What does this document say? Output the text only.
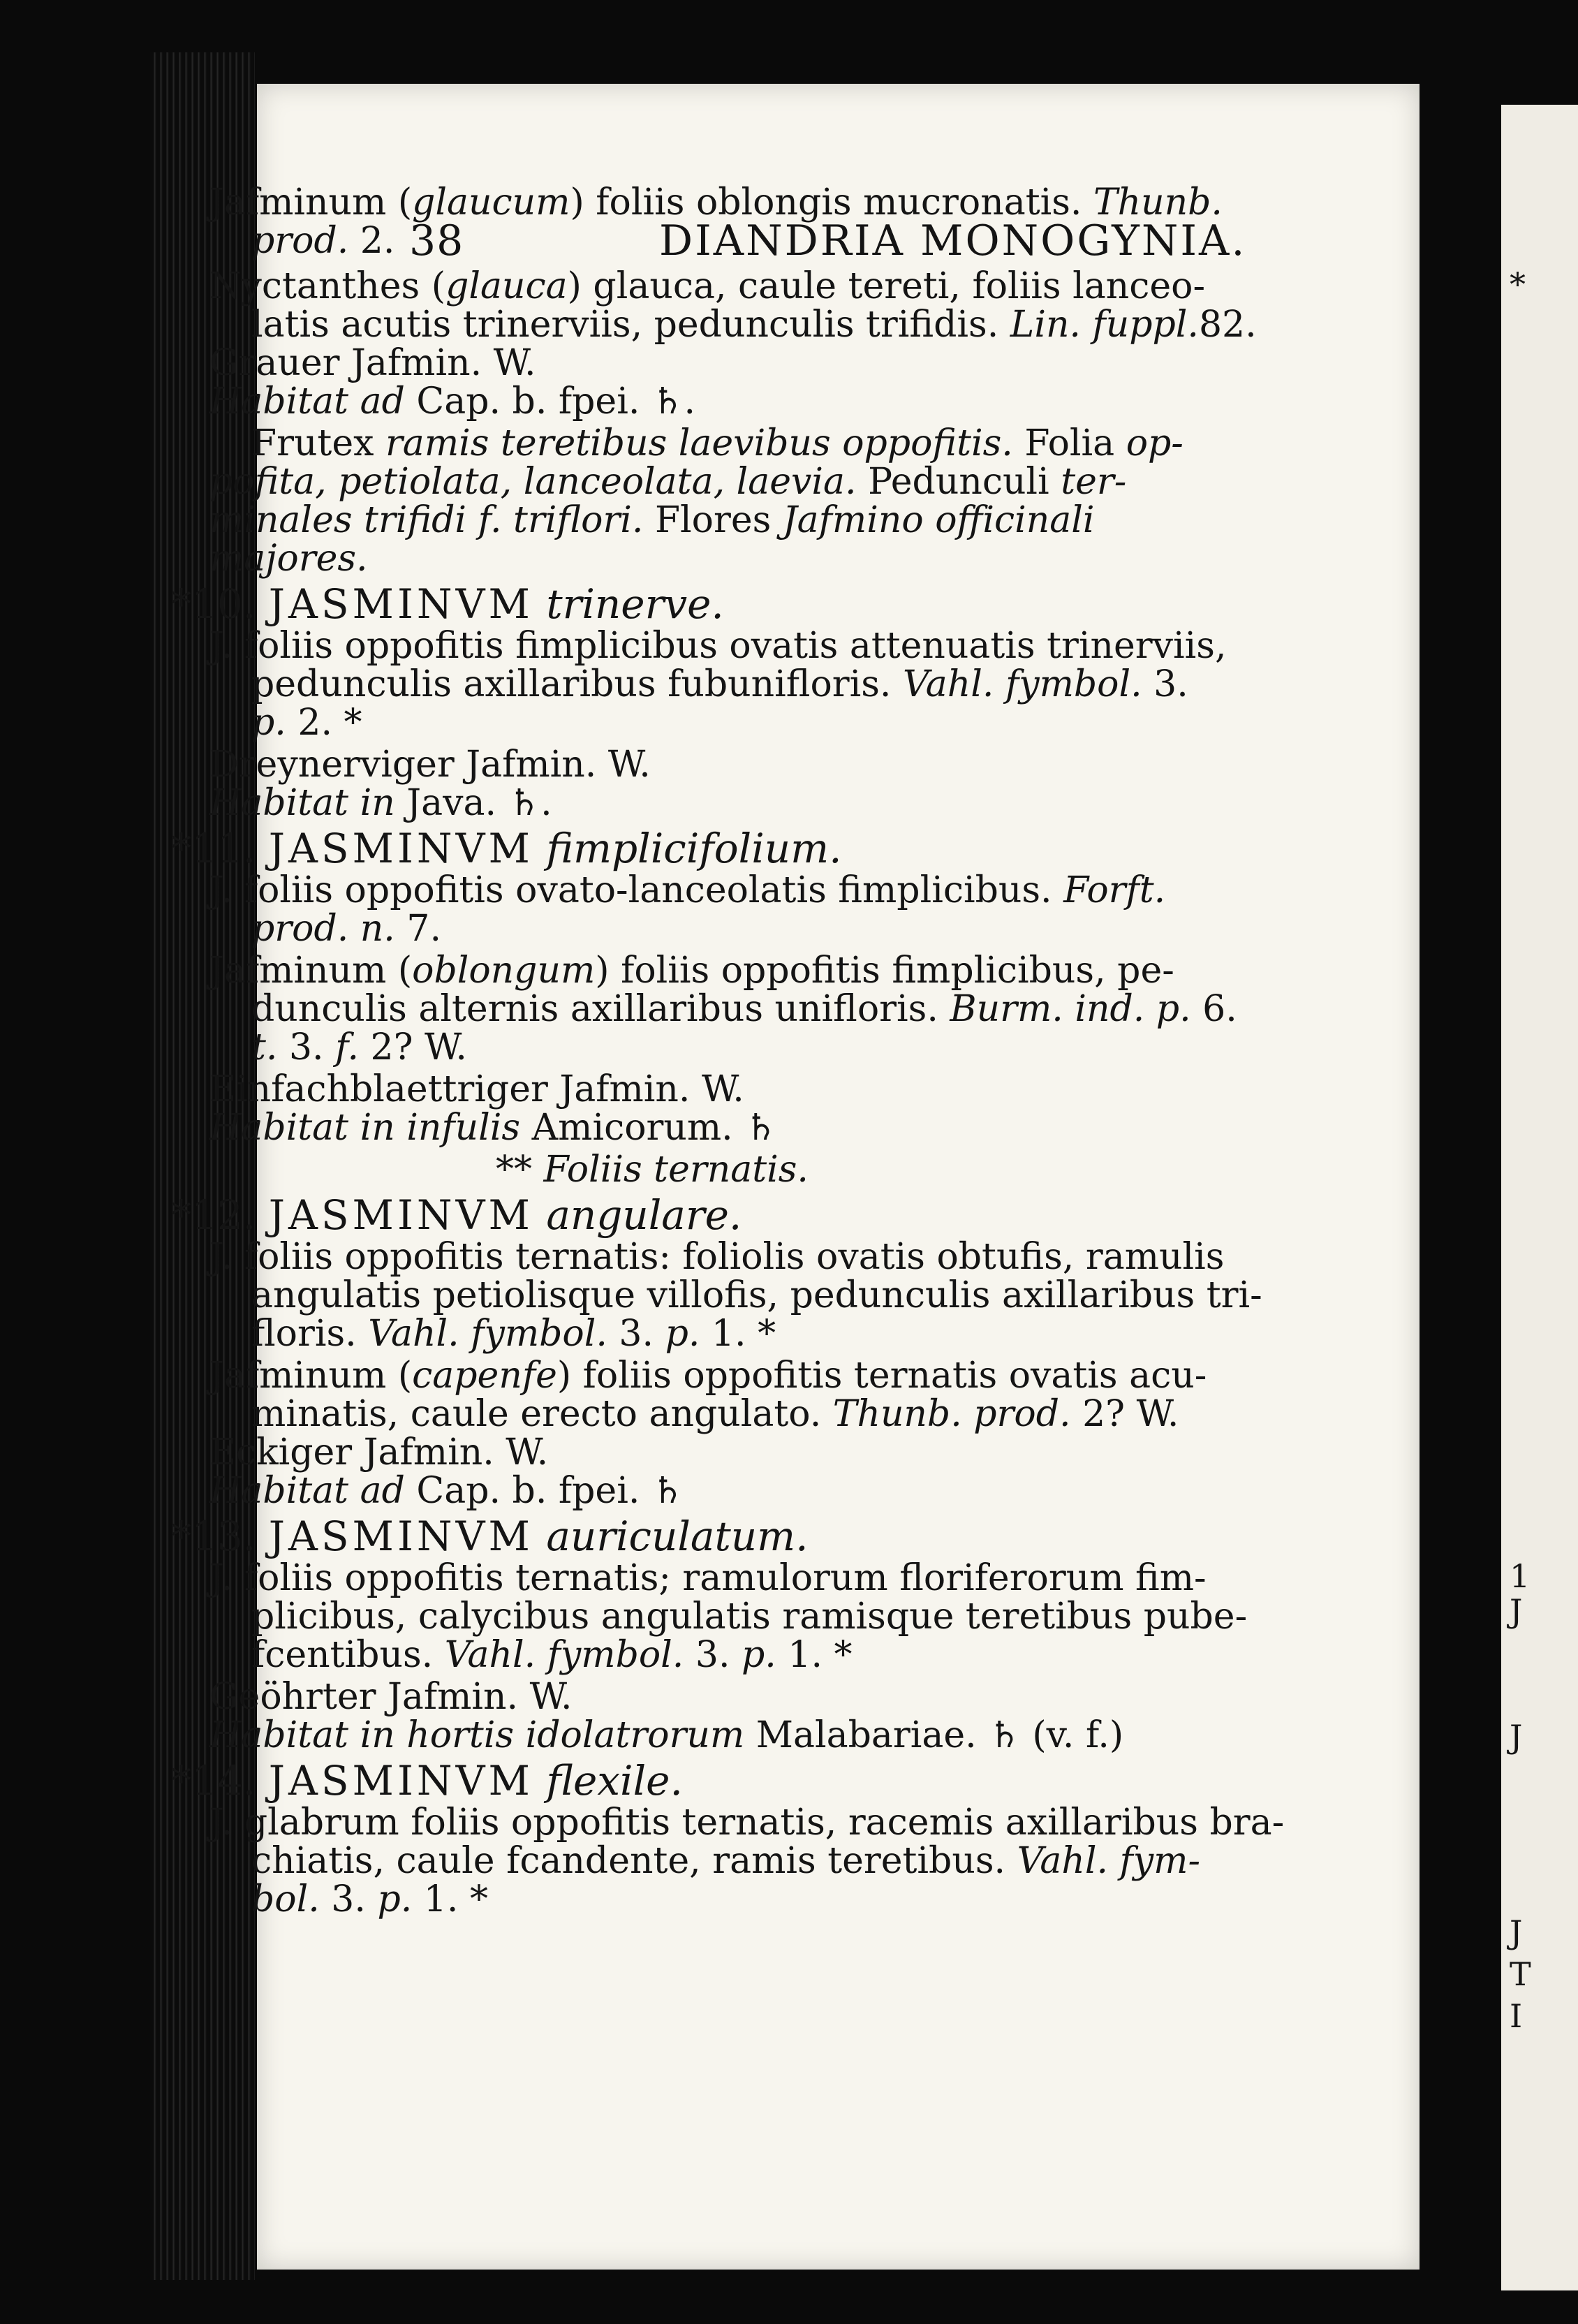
38	DIANDRIA MONOGYNIA.
Jafminum (glaucum) foliis oblongis mucronatis. Thunb.
prod. 2.
Nyctanthes (glauca) glauca, caule tereti, foliis lanceo-
latis acutis trinerviis, pedunculis trifidis. Lin. fuppl.82.
Grauer Jafmin. W.
Habitat ad Cap. b. fpei. ♄.
Frutex ramis teretibus laevibus oppofitis. Folia op-
pofita, petiolata, lanceolata, laevia. Pedunculi ter-
minales trifidi f. triflori. Flores Jafmino officinali
majores.
*10. JASMINVM trinerve.
J. foliis oppofitis fimplicibus ovatis attenuatis trinerviis,
pedunculis axillaribus fubunifloris. Vahl. fymbol. 3.
p. 2. *
Dreynerviger Jafmin. W.
Habitat in Java. ♄.
*11. JASMINVM fimplicifolium.
J. foliis oppofitis ovato-lanceolatis fimplicibus. Forft.
prod. n. 7.
Jafminum (oblongum) foliis oppofitis fimplicibus, pe-
dunculis alternis axillaribus unifloris. Burm. ind. p. 6.
t. 3. f. 2? W.
Einfachblaettriger Jafmin. W.
Habitat in infulis Amicorum. ♄
** Foliis ternatis.
*12. JASMINVM angulare.
J. foliis oppofitis ternatis: foliolis ovatis obtufis, ramulis
angulatis petiolisque villofis, pedunculis axillaribus tri-
floris. Vahl. fymbol. 3. p. 1. *
Jafminum (capenfe) foliis oppofitis ternatis ovatis acu-
minatis, caule erecto angulato. Thunb. prod. 2? W.
Eckiger Jafmin. W.
Habitat ad Cap. b. fpei. ♄
*13. JASMINVM auriculatum.
J. foliis oppofitis ternatis; ramulorum floriferorum fim-
plicibus, calycibus angulatis ramisque teretibus pube-
fcentibus. Vahl. fymbol. 3. p. 1. *
Geöhrter Jafmin. W.
Habitat in hortis idolatrorum Malabariae. ♄ (v. f.)
*14. JASMINVM flexile.
J. glabrum foliis oppofitis ternatis, racemis axillaribus bra-
chiatis, caule fcandente, ramis teretibus. Vahl. fym-
bol. 3. p. 1. *
*
1
J
J
J
T
I
